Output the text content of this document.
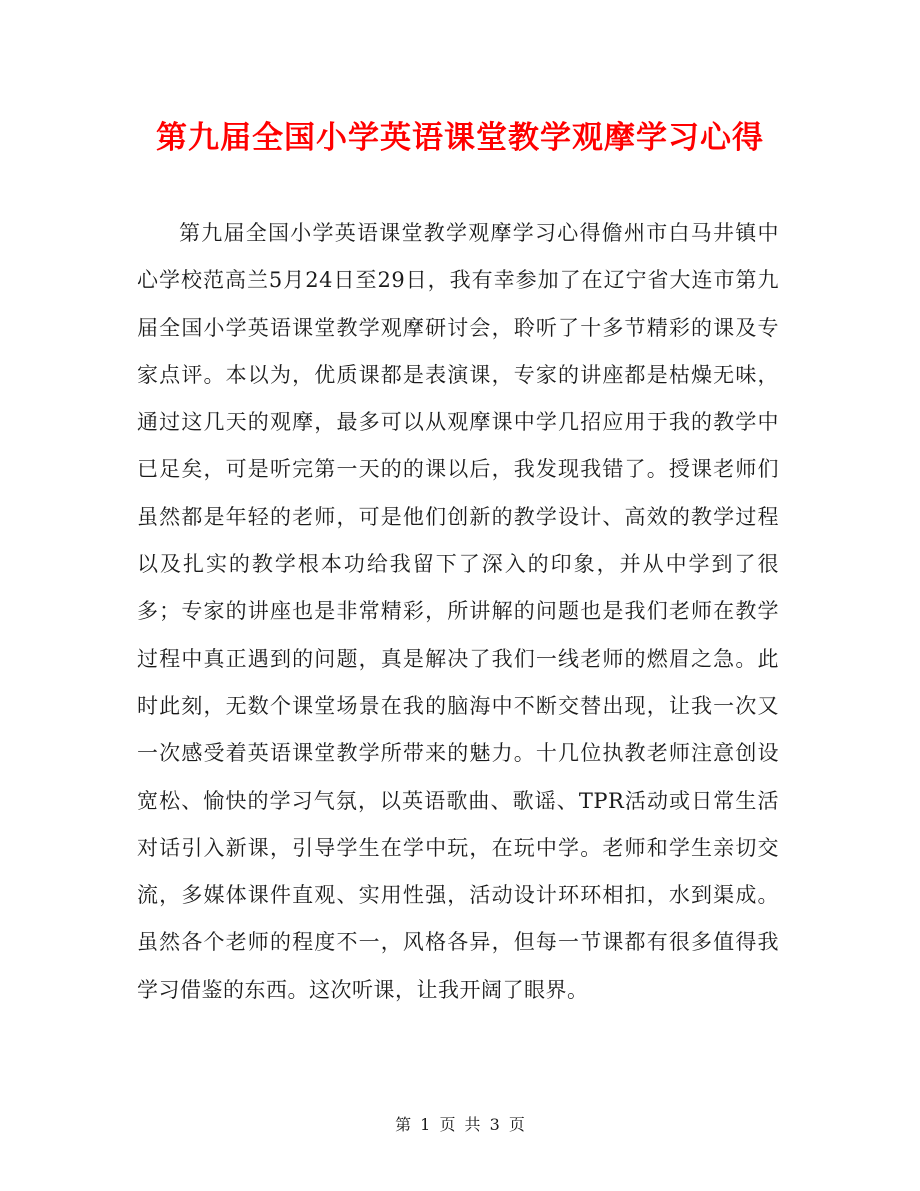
第九届全国小学英语课堂教学观摩学习心得

第九届全国小学英语课堂教学观摩学习心得儋州市白马井镇中心学校范高兰5月24日至29日，我有幸参加了在辽宁省大连市第九届全国小学英语课堂教学观摩研讨会，聆听了十多节精彩的课及专家点评。本以为，优质课都是表演课，专家的讲座都是枯燥无味，通过这几天的观摩，最多可以从观摩课中学几招应用于我的教学中已足矣，可是听完第一天的的课以后，我发现我错了。授课老师们虽然都是年轻的老师，可是他们创新的教学设计、高效的教学过程以及扎实的教学根本功给我留下了深入的印象，并从中学到了很多；专家的讲座也是非常精彩，所讲解的问题也是我们老师在教学过程中真正遇到的问题，真是解决了我们一线老师的燃眉之急。此时此刻，无数个课堂场景在我的脑海中不断交替出现，让我一次又一次感受着英语课堂教学所带来的魅力。十几位执教老师注意创设宽松、愉快的学习气氛，以英语歌曲、歌谣、TPR活动或日常生活对话引入新课，引导学生在学中玩，在玩中学。老师和学生亲切交流，多媒体课件直观、实用性强，活动设计环环相扣，水到渠成。虽然各个老师的程度不一，风格各异，但每一节课都有很多值得我学习借鉴的东西。这次听课，让我开阔了眼界。

第 1 页 共 3 页
